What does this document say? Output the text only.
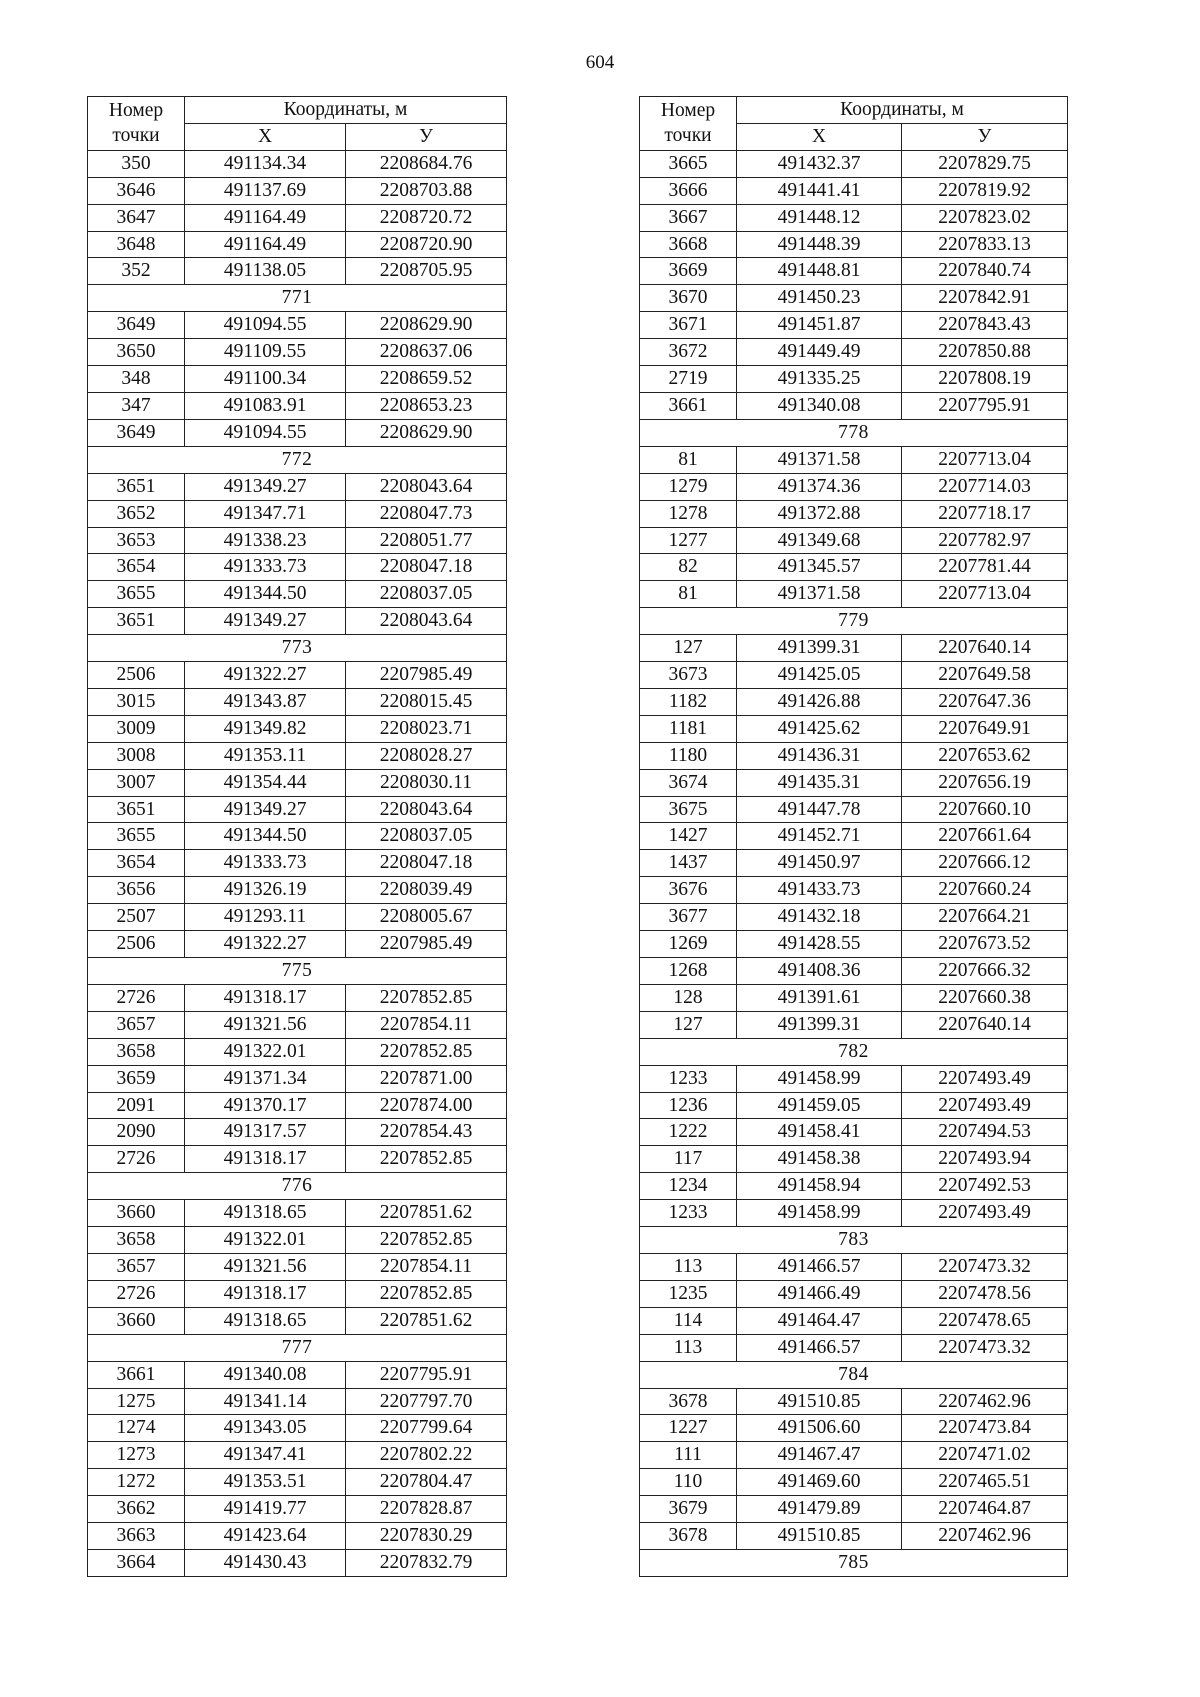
604
Номер
точки	Координаты, м	
	X	У
350	491134.34	2208684.76
3646	491137.69	2208703.88
3647	491164.49	2208720.72
3648	491164.49	2208720.90
352	491138.05	2208705.95
771		
3649	491094.55	2208629.90
3650	491109.55	2208637.06
348	491100.34	2208659.52
347	491083.91	2208653.23
3649	491094.55	2208629.90
772		
3651	491349.27	2208043.64
3652	491347.71	2208047.73
3653	491338.23	2208051.77
3654	491333.73	2208047.18
3655	491344.50	2208037.05
3651	491349.27	2208043.64
773		
2506	491322.27	2207985.49
3015	491343.87	2208015.45
3009	491349.82	2208023.71
3008	491353.11	2208028.27
3007	491354.44	2208030.11
3651	491349.27	2208043.64
3655	491344.50	2208037.05
3654	491333.73	2208047.18
3656	491326.19	2208039.49
2507	491293.11	2208005.67
2506	491322.27	2207985.49
775		
2726	491318.17	2207852.85
3657	491321.56	2207854.11
3658	491322.01	2207852.85
3659	491371.34	2207871.00
2091	491370.17	2207874.00
2090	491317.57	2207854.43
2726	491318.17	2207852.85
776		
3660	491318.65	2207851.62
3658	491322.01	2207852.85
3657	491321.56	2207854.11
2726	491318.17	2207852.85
3660	491318.65	2207851.62
777		
3661	491340.08	2207795.91
1275	491341.14	2207797.70
1274	491343.05	2207799.64
1273	491347.41	2207802.22
1272	491353.51	2207804.47
3662	491419.77	2207828.87
3663	491423.64	2207830.29
3664	491430.43	2207832.79
Номер
точки	Координаты, м	
	X	У
3665	491432.37	2207829.75
3666	491441.41	2207819.92
3667	491448.12	2207823.02
3668	491448.39	2207833.13
3669	491448.81	2207840.74
3670	491450.23	2207842.91
3671	491451.87	2207843.43
3672	491449.49	2207850.88
2719	491335.25	2207808.19
3661	491340.08	2207795.91
778		
81	491371.58	2207713.04
1279	491374.36	2207714.03
1278	491372.88	2207718.17
1277	491349.68	2207782.97
82	491345.57	2207781.44
81	491371.58	2207713.04
779		
127	491399.31	2207640.14
3673	491425.05	2207649.58
1182	491426.88	2207647.36
1181	491425.62	2207649.91
1180	491436.31	2207653.62
3674	491435.31	2207656.19
3675	491447.78	2207660.10
1427	491452.71	2207661.64
1437	491450.97	2207666.12
3676	491433.73	2207660.24
3677	491432.18	2207664.21
1269	491428.55	2207673.52
1268	491408.36	2207666.32
128	491391.61	2207660.38
127	491399.31	2207640.14
782		
1233	491458.99	2207493.49
1236	491459.05	2207493.49
1222	491458.41	2207494.53
117	491458.38	2207493.94
1234	491458.94	2207492.53
1233	491458.99	2207493.49
783		
113	491466.57	2207473.32
1235	491466.49	2207478.56
114	491464.47	2207478.65
113	491466.57	2207473.32
784		
3678	491510.85	2207462.96
1227	491506.60	2207473.84
111	491467.47	2207471.02
110	491469.60	2207465.51
3679	491479.89	2207464.87
3678	491510.85	2207462.96
785		
